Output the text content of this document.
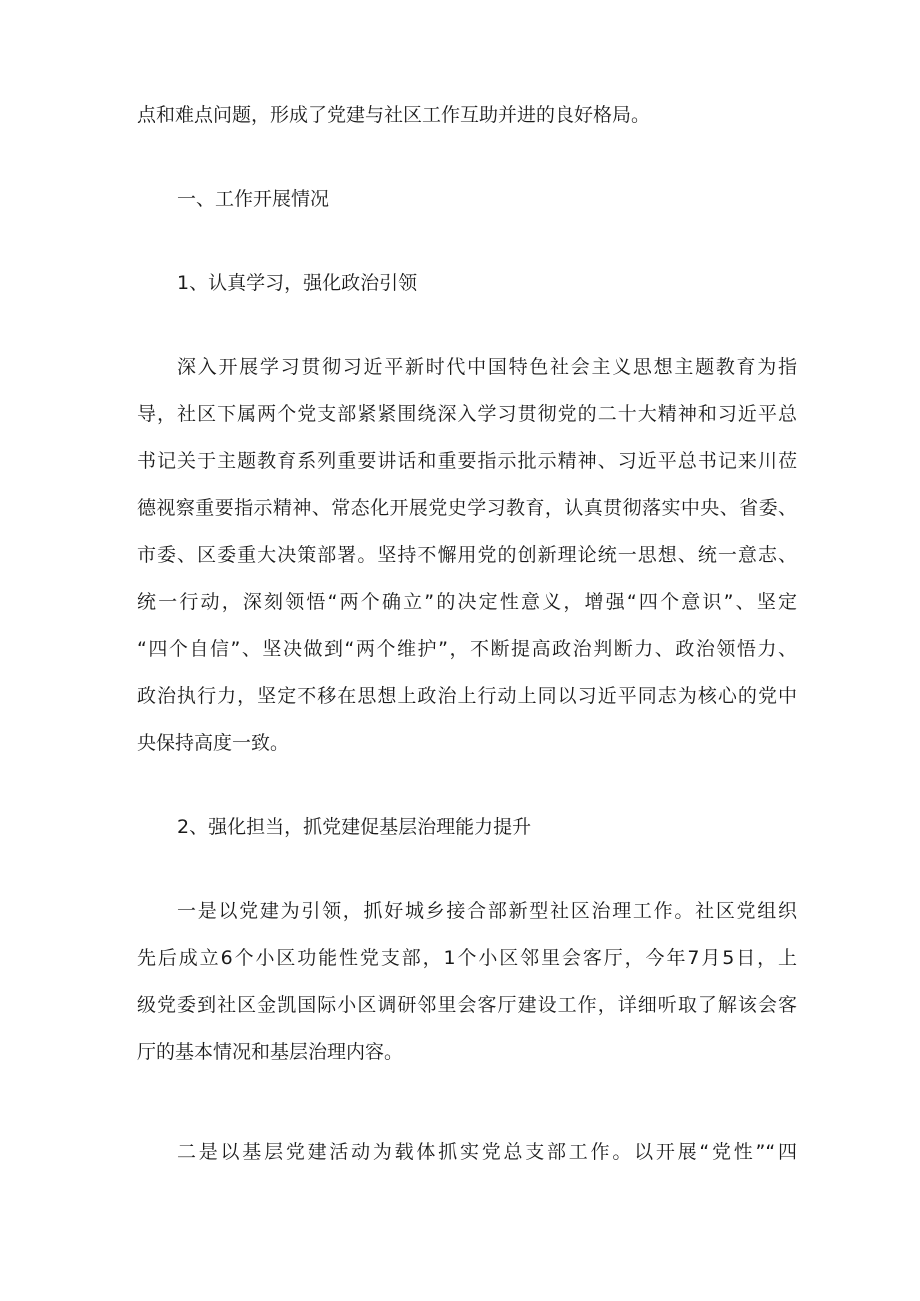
点和难点问题，形成了党建与社区工作互助并进的良好格局。
一、工作开展情况
1、认真学习，强化政治引领
深入开展学习贯彻习近平新时代中国特色社会主义思想主题教育为指
导，社区下属两个党支部紧紧围绕深入学习贯彻党的二十大精神和习近平总
书记关于主题教育系列重要讲话和重要指示批示精神、习近平总书记来川莅
德视察重要指示精神、常态化开展党史学习教育，认真贯彻落实中央、省委、
市委、区委重大决策部署。坚持不懈用党的创新理论统一思想、统一意志、
统一行动，深刻领悟“两个确立”的决定性意义，增强“四个意识”、坚定
“四个自信”、坚决做到“两个维护”，不断提高政治判断力、政治领悟力、
政治执行力，坚定不移在思想上政治上行动上同以习近平同志为核心的党中
央保持高度一致。
2、强化担当，抓党建促基层治理能力提升
一是以党建为引领，抓好城乡接合部新型社区治理工作。社区党组织
先后成立6个小区功能性党支部，1个小区邻里会客厅，今年7月5日，上
级党委到社区金凯国际小区调研邻里会客厅建设工作，详细听取了解该会客
厅的基本情况和基层治理内容。
二是以基层党建活动为载体抓实党总支部工作。以开展“党性”“四
